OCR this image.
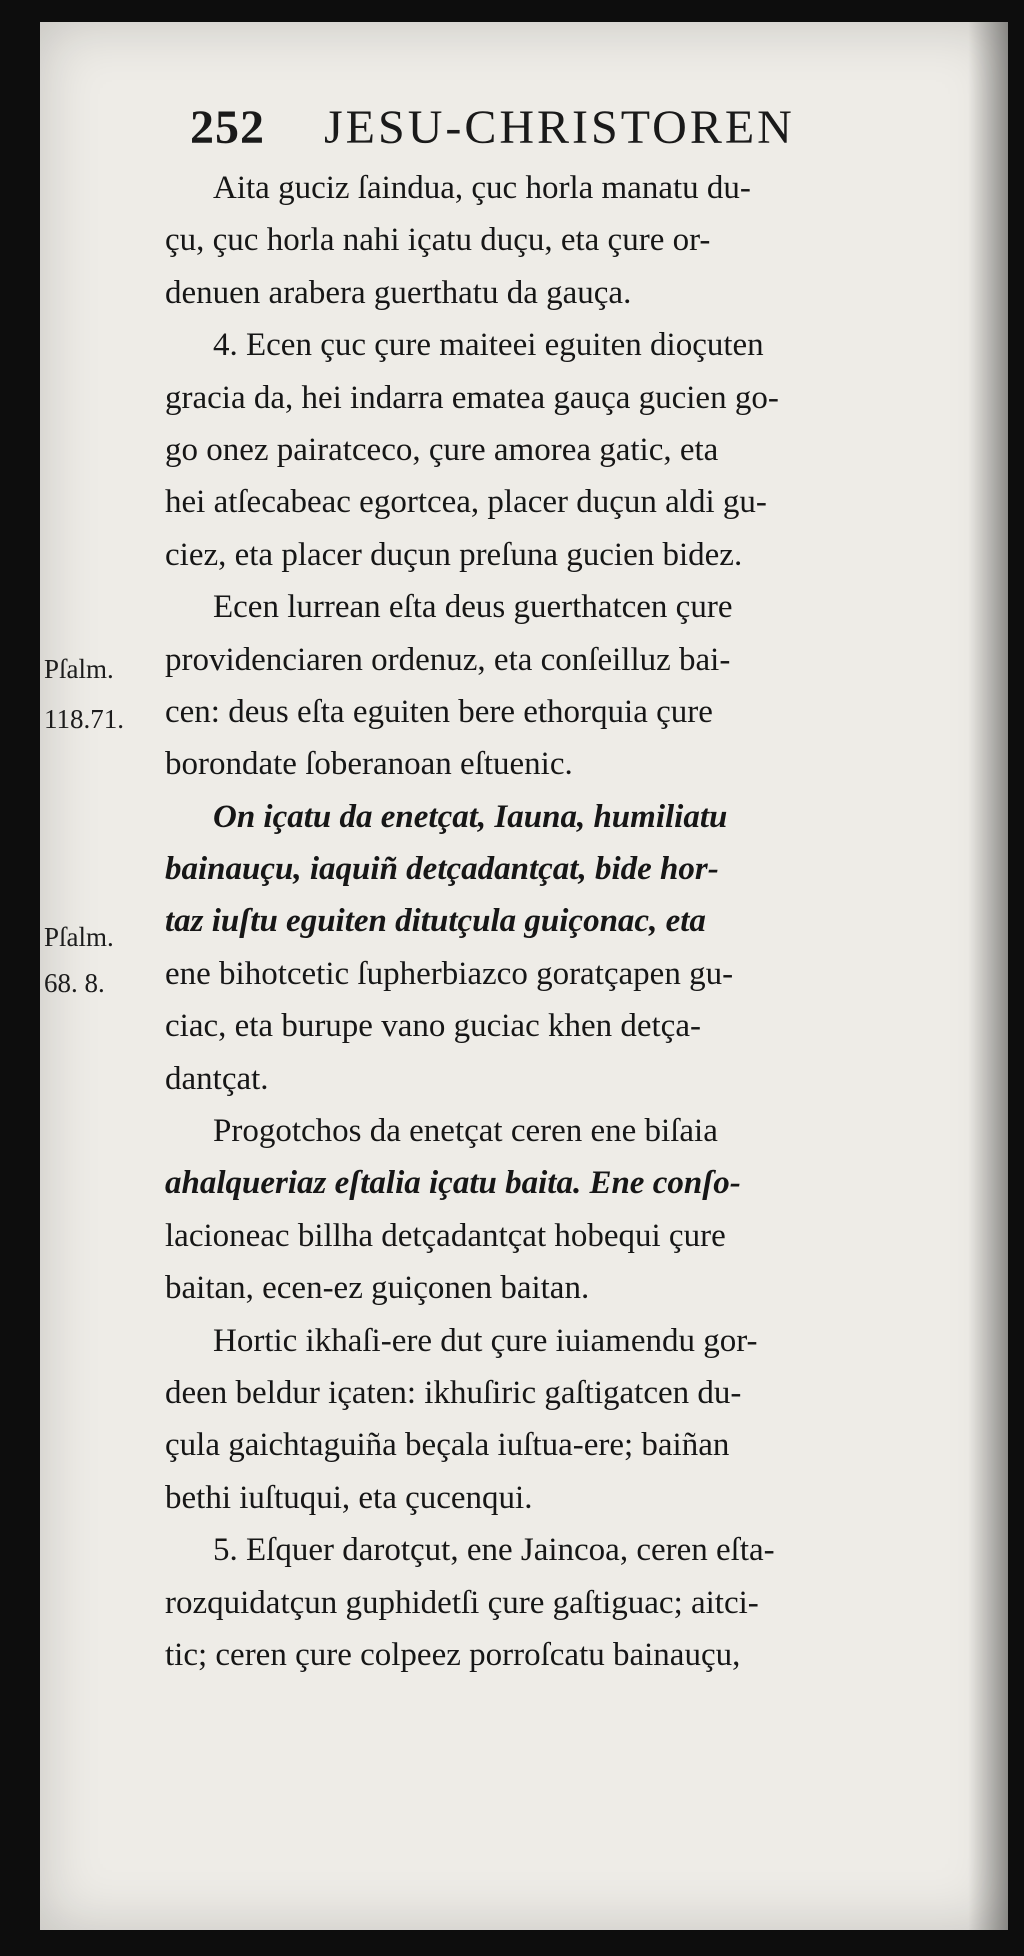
252 JESU-CHRISTOREN
Pſalm.
118.71.
Pſalm.
68. 8.
Aita guciz ſaindua, çuc horla manatu du-
çu, çuc horla nahi içatu duçu, eta çure or-
denuen arabera guerthatu da gauça.
4. Ecen çuc çure maiteei eguiten dioçuten
gracia da, hei indarra ematea gauça gucien go-
go onez pairatceco, çure amorea gatic, eta
hei atſecabeac egortcea, placer duçun aldi gu-
ciez, eta placer duçun preſuna gucien bidez.
Ecen lurrean eſta deus guerthatcen çure
providenciaren ordenuz, eta conſeilluz bai-
cen: deus eſta eguiten bere ethorquia çure
borondate ſoberanoan eſtuenic.
On içatu da enetçat, Iauna, humiliatu
bainauçu, iaquiñ detçadantçat, bide hor-
taz iuſtu eguiten ditutçula guiçonac, eta
ene bihotcetic ſupherbiazco goratçapen gu-
ciac, eta burupe vano guciac khen detça-
dantçat.
Progotchos da enetçat ceren ene biſaia
ahalqueriaz eſtalia içatu baita. Ene conſo-
lacioneac billha detçadantçat hobequi çure
baitan, ecen-ez guiçonen baitan.
Hortic ikhaſi-ere dut çure iuiamendu gor-
deen beldur içaten: ikhuſiric gaſtigatcen du-
çula gaichtaguiña beçala iuſtua-ere; baiñan
bethi iuſtuqui, eta çucenqui.
5. Eſquer darotçut, ene Jaincoa, ceren eſta-
rozquidatçun guphidetſi çure gaſtiguac; aitci-
tic; ceren çure colpeez porroſcatu bainauçu,
